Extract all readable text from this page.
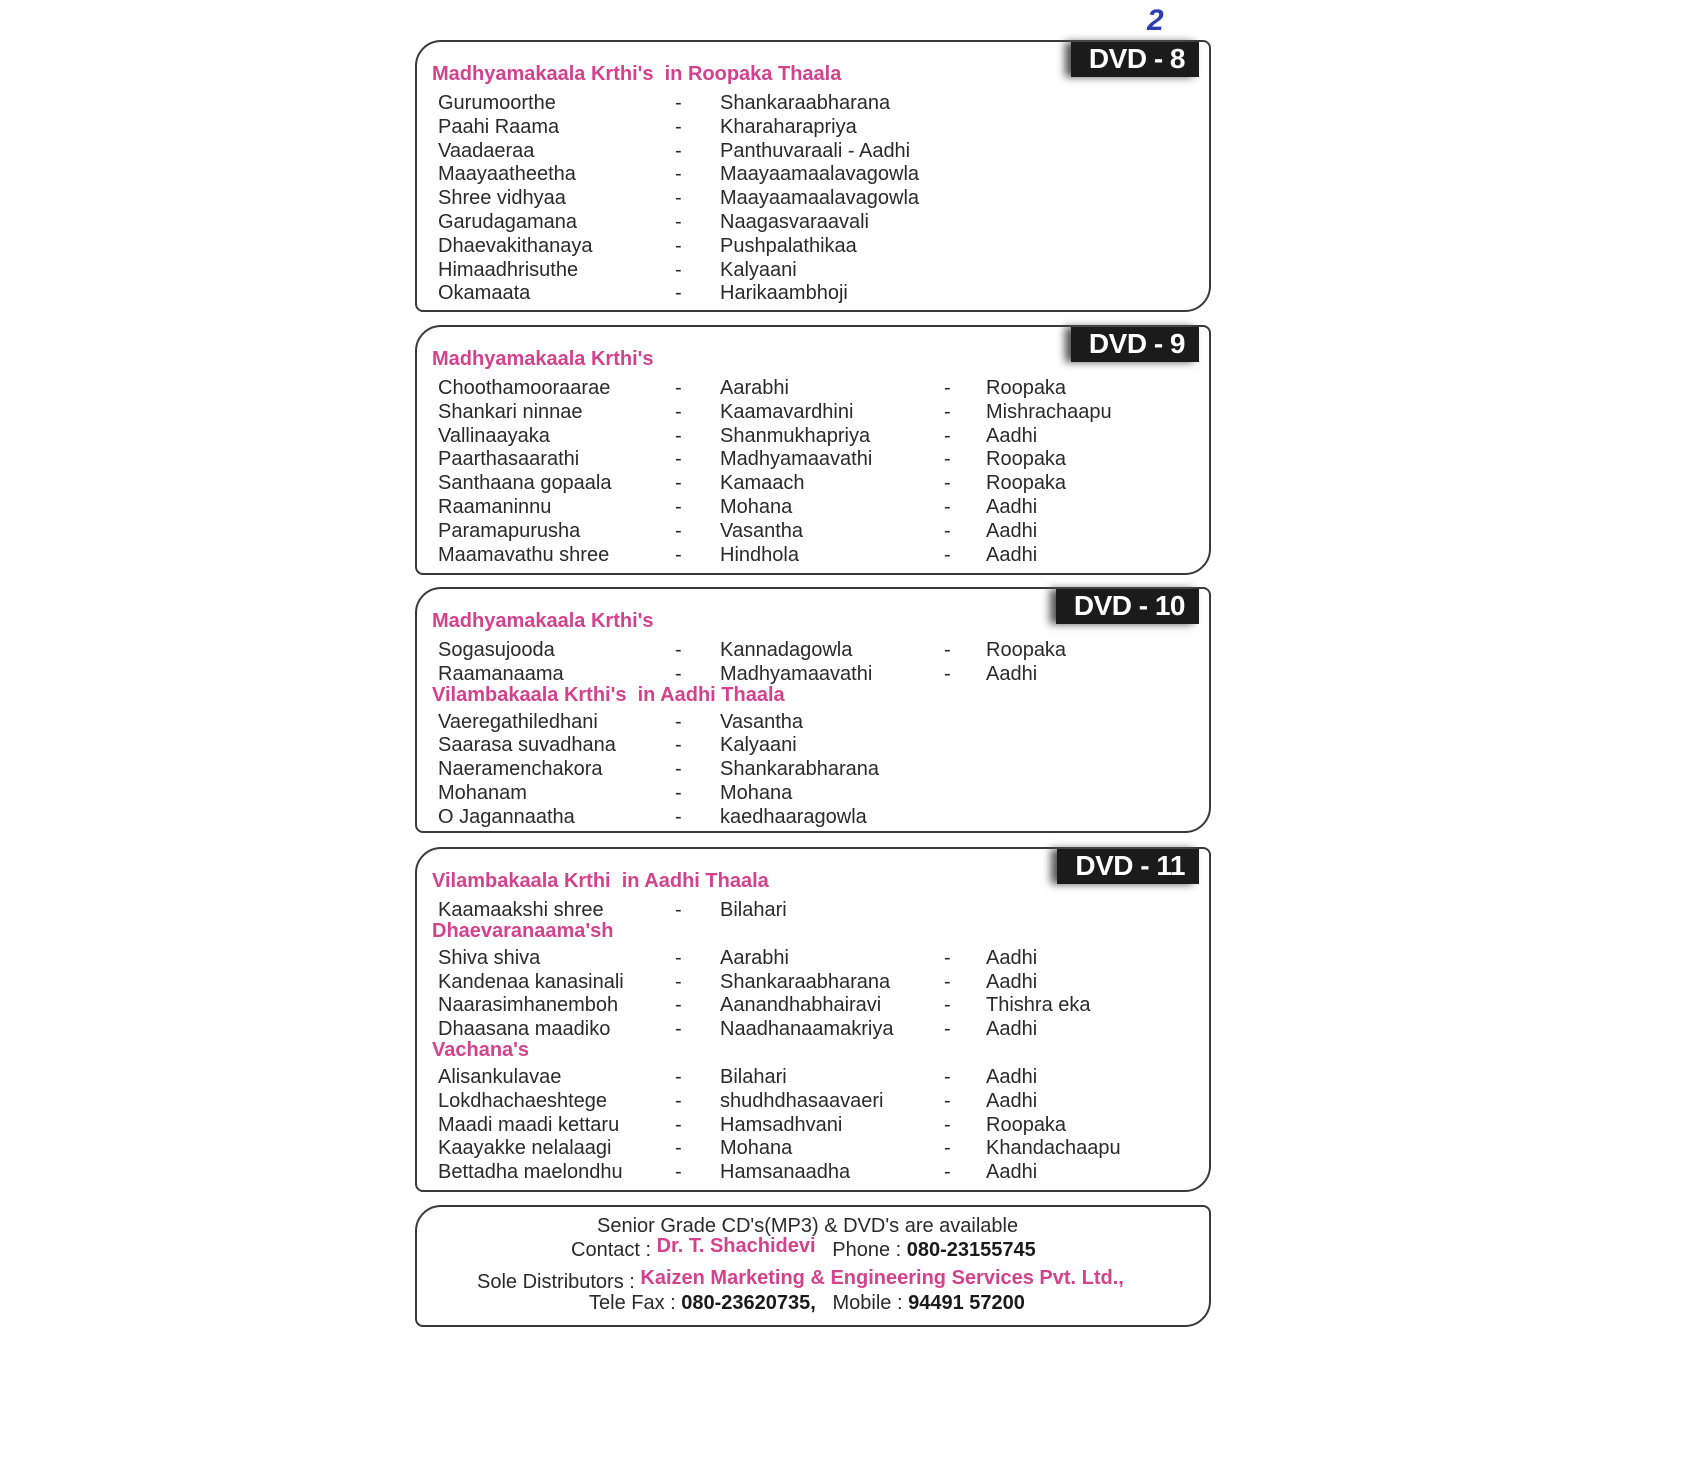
2
DVD - 8
Madhyamakaala Krthi's  in Roopaka Thaala
Gurumoorthe	- Shankaraabharana
Paahi Raama	- Kharaharapriya
Vaadaeraa	- Panthuvaraali - Aadhi
Maayaatheetha	- Maayaamaalavagowla
Shree vidhyaa	- Maayaamaalavagowla
Garudagamana	- Naagasvaraavali
Dhaevakithanaya	- Pushpalathikaa
Himaadhrisuthe	- Kalyaani
Okamaata	- Harikaambhoji
DVD - 9
Madhyamakaala Krthi's
Choothamooraarae	- Aarabhi	- Roopaka
Shankari ninnae	- Kaamavardhini	- Mishrachaapu
Vallinaayaka	- Shanmukhapriya	- Aadhi
Paarthasaarathi	- Madhyamaavathi	- Roopaka
Santhaana gopaala	- Kamaach	- Roopaka
Raamaninnu	- Mohana	- Aadhi
Paramapurusha	- Vasantha	- Aadhi
Maamavathu shree	- Hindhola	- Aadhi
DVD - 10
Madhyamakaala Krthi's
Sogasujooda	- Kannadagowla	- Roopaka
Raamanaama	- Madhyamaavathi	- Aadhi
Vilambakaala Krthi's  in Aadhi Thaala
Vaeregathiledhani	- Vasantha
Saarasa suvadhana	- Kalyaani
Naeramenchakora	- Shankarabharana
Mohanam	- Mohana
O Jagannaatha	- kaedhaaragowla
DVD - 11
Vilambakaala Krthi  in Aadhi Thaala
Kaamaakshi shree	- Bilahari
Dhaevaranaama'sh
Shiva shiva	- Aarabhi	- Aadhi
Kandenaa kanasinali	- Shankaraabharana	- Aadhi
Naarasimhanemboh	- Aanandhabhairavi	- Thishra eka
Dhaasana maadiko	- Naadhanaamakriya	- Aadhi
Vachana's
Alisankulavae	- Bilahari	- Aadhi
Lokdhachaeshtege	- shudhdhasaavaeri	- Aadhi
Maadi maadi kettaru	- Hamsadhvani	- Roopaka
Kaayakke nelalaagi	- Mohana	- Khandachaapu
Bettadha maelondhu	- Hamsanaadha	- Aadhi
Senior Grade CD's(MP3) & DVD's are available
Contact : Dr. T. Shachidevi Phone : 080-23155745
Sole Distributors : Kaizen Marketing & Engineering Services Pvt. Ltd.,
Tele Fax : 080-23620735, Mobile : 94491 57200
